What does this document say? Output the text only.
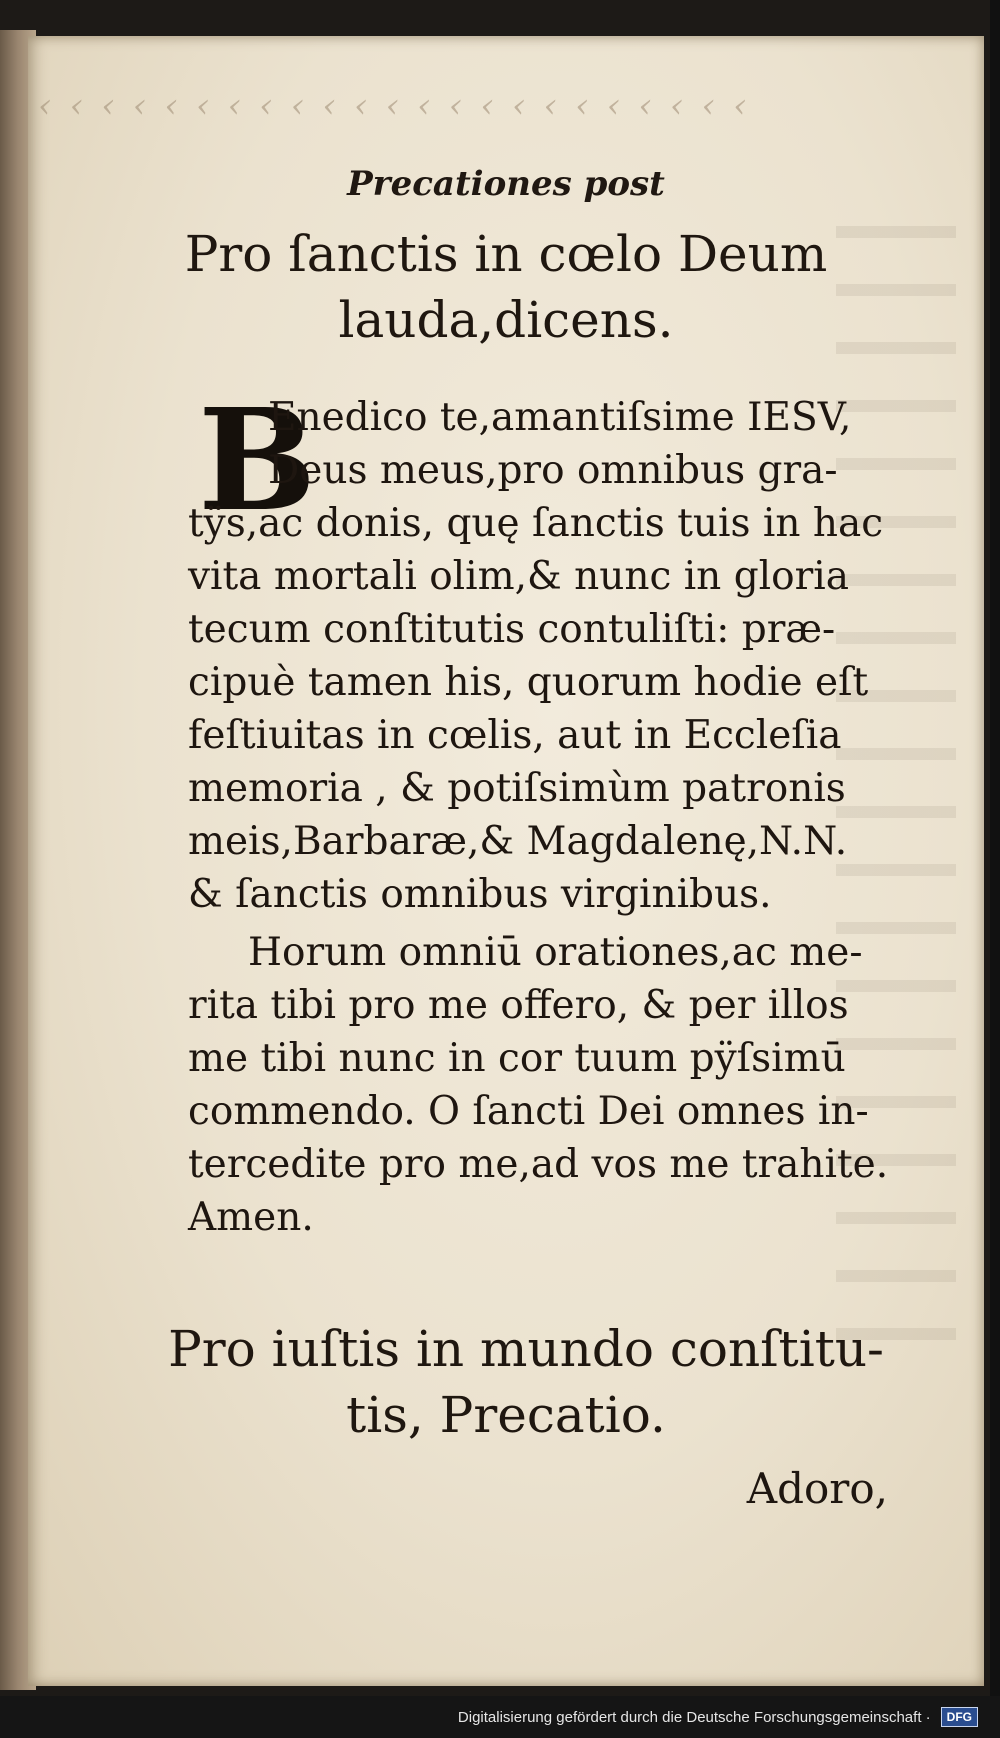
‹‹‹‹‹‹‹‹‹‹‹‹‹‹‹‹‹‹‹‹‹‹‹
Precationes post
Pro ſanctis in cœlo Deum
lauda,dicens.
B
Enedico te,amantiſsime IESV,
Deus meus,pro omnibus gra-
tÿs,ac donis, quę ſanctis tuis in hac
vita mortali olim,& nunc in gloria
tecum conſtitutis contuliſti: præ-
cipuè tamen his, quorum hodie eſt
feſtiuitas in cœlis, aut in Eccleſia
memoria , & potiſsimùm patronis
meis,Barbaræ,& Magdalenę,N.N.
& ſanctis omnibus virginibus.
Horum omniū orationes,ac me-
rita tibi pro me offero, & per illos
me tibi nunc in cor tuum pÿſsimū
commendo. O ſancti Dei omnes in-
tercedite pro me,ad vos me trahite.
Amen.
Pro iuſtis in mundo conſtitu-
tis, Precatio.
Adoro,
Digitalisierung gefördert durch die Deutsche Forschungsgemeinschaft ·	DFG
